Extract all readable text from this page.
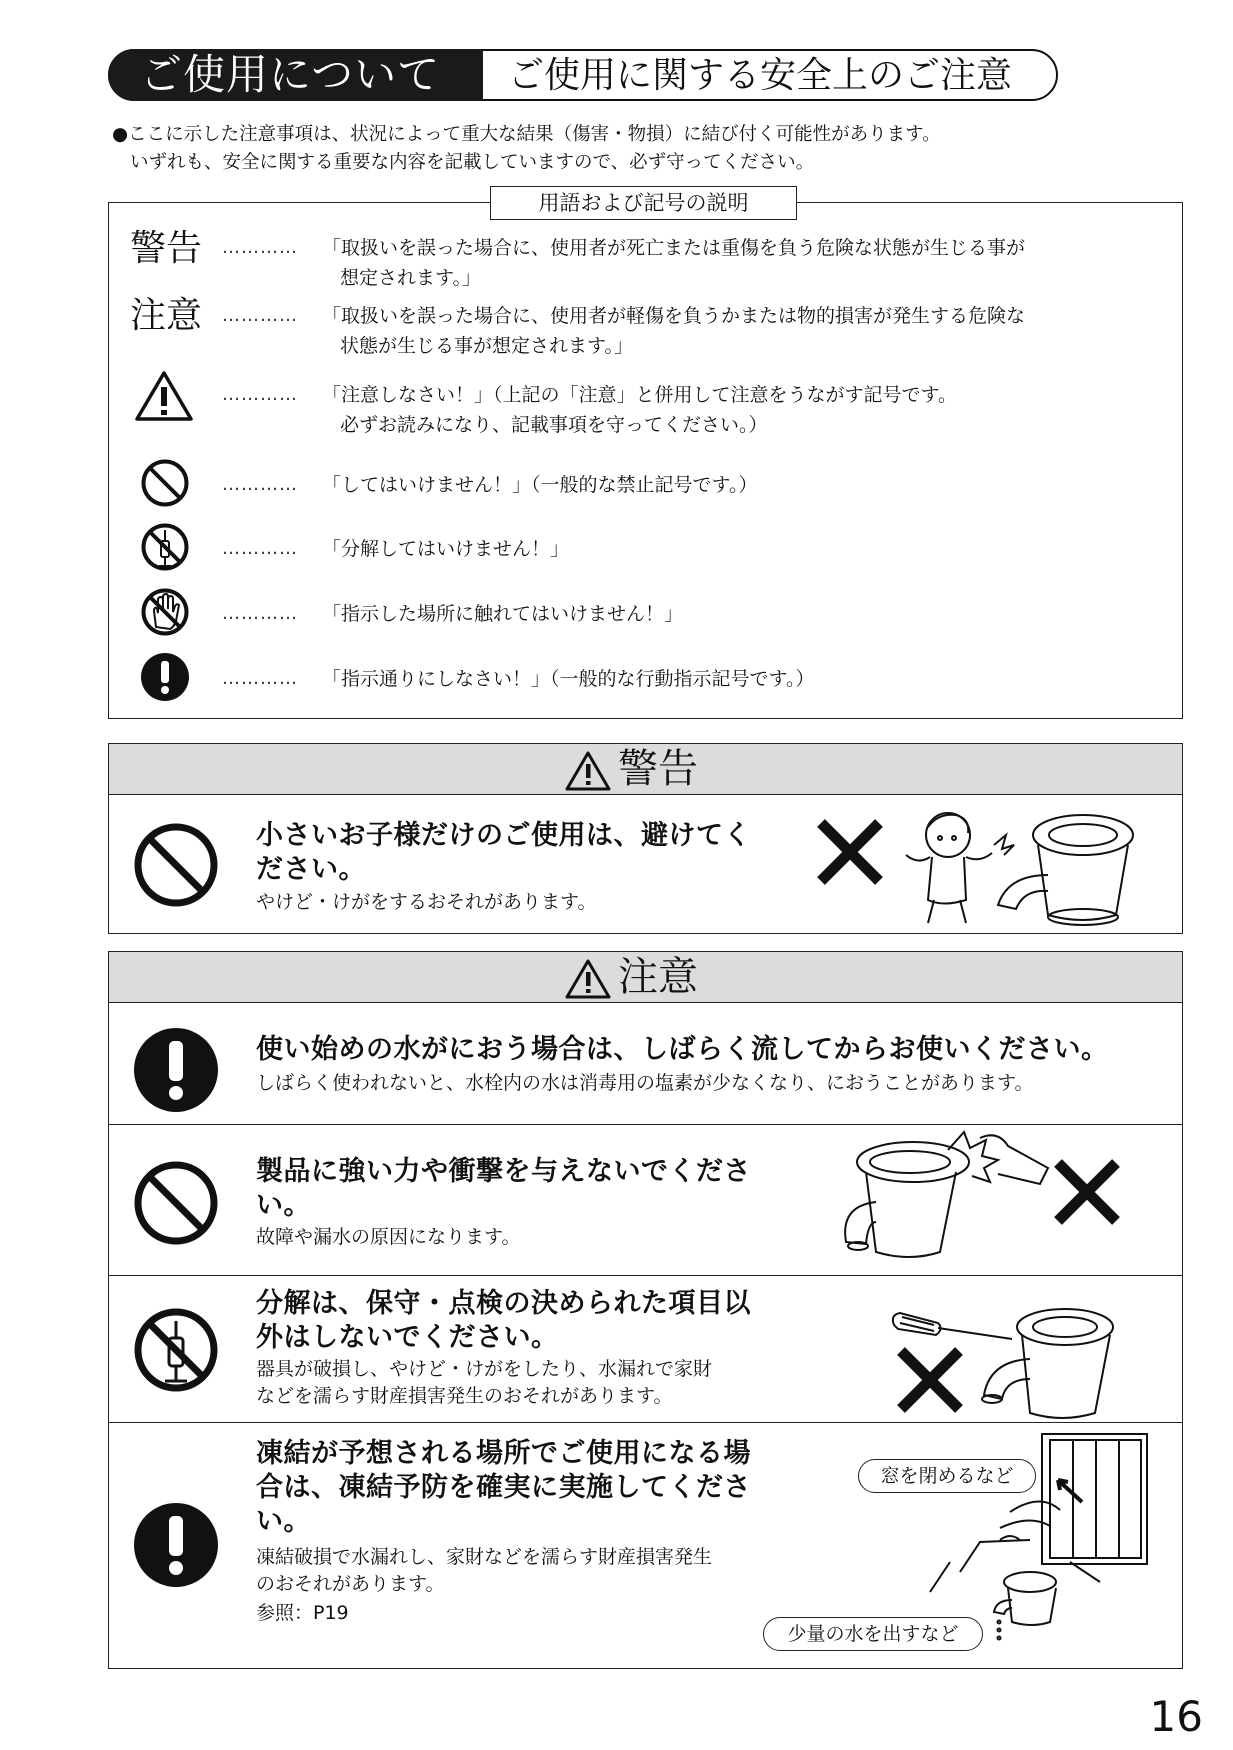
ご使用について ご使用に関する安全上のご注意
●ここに示した注意事項は、状況によって重大な結果（傷害・物損）に結び付く可能性があります。
いずれも、安全に関する重要な内容を記載していますので、必ず守ってください。
用語および記号の説明
警告 ………… 「取扱いを誤った場合に、使用者が死亡または重傷を負う危険な状態が生じる事が
想定されます。」
注意 ………… 「取扱いを誤った場合に、使用者が軽傷を負うかまたは物的損害が発生する危険な
状態が生じる事が想定されます。」
………… 「注意しなさい！」（上記の「注意」と併用して注意をうながす記号です。
必ずお読みになり、記載事項を守ってください。）
………… 「してはいけません！」（一般的な禁止記号です。）
………… 「分解してはいけません！」
………… 「指示した場所に触れてはいけません！」
………… 「指示通りにしなさい！」（一般的な行動指示記号です。）
警告
小さいお子様だけのご使用は、避けてく
ださい。
やけど・けがをするおそれがあります。
注意
使い始めの水がにおう場合は、しばらく流してからお使いください。
しばらく使われないと、水栓内の水は消毒用の塩素が少なくなり、におうことがあります。
製品に強い力や衝撃を与えないでくださ
い。
故障や漏水の原因になります。
分解は、保守・点検の決められた項目以
外はしないでください。
器具が破損し、やけど・けがをしたり、水漏れで家財
などを濡らす財産損害発生のおそれがあります。
凍結が予想される場所でご使用になる場
合は、凍結予防を確実に実施してくださ
い。
凍結破損で水漏れし、家財などを濡らす財産損害発生
のおそれがあります。
参照：P19
窓を閉めるなど
少量の水を出すなど
16
